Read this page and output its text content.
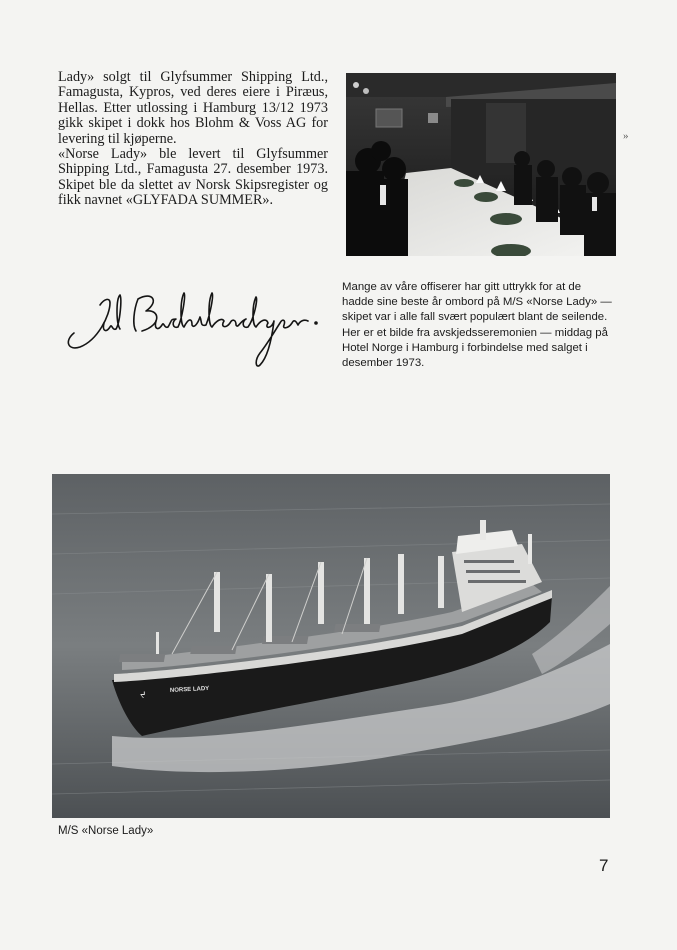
Lady» solgt til Glyfsummer Shipping Ltd., Famagusta, Kypros, ved deres eiere i Piræus, Hellas. Etter utlossing i Hamburg 13/12 1973 gikk skipet i dokk hos Blohm & Voss AG for levering til kjøperne.

«Norse Lady» ble levert til Glyfsummer Shipping Ltd., Famagusta 27. desember 1973. Skipet ble da slettet av Norsk Skipsregister og fikk navnet «GLYFADA SUMMER».

»

Mange av våre offiserer har gitt uttrykk for at de hadde sine beste år ombord på M/S «Norse Lady» — skipet var i alle fall svært populært blant de seilende.

Her er et bilde fra avskjedsseremonien — middag på Hotel Norge i Hamburg i forbindelse med salget i desember 1973.

NORSE LADY
ᔪ
M/S «Norse Lady»
7
